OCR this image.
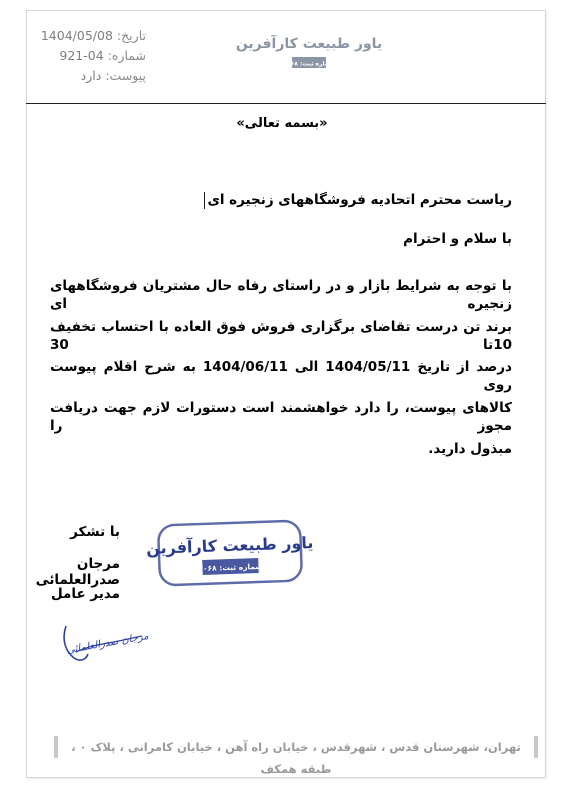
تاریخ:
1404/05/08
شماره:
921-04
پیوست:
دارد
یاور طبیعت کارآفرین
شماره ثبت: ۲۰۶۸
«بسمه تعالی»
ریاست محترم اتحادیه فروشگاههای زنجیره ای
با سلام و احترام
با توجه به شرایط بازار و در راستای رفاه حال مشتریان فروشگاههای زنجیره ای
برند تن درست تقاضای برگزاری فروش فوق العاده با احتساب تخفیف 10تا 30
درصد از تاریخ 1404/05/11 الی 1404/06/11 به شرح اقلام پیوست روی
کالاهای پیوست، را دارد خواهشمند است دستورات لازم جهت دریافت مجوز را
مبذول دارید.
با تشکر
یاور طبیعت کارآفرین
شماره ثبت: ۲۰۶۸
مرجان صدرالعلمائی
مدیر عامل
مرجان صدرالعلمائی
تهران، شهرستان قدس ، شهرقدس ، خیابان راه آهن ، خیابان کامرانی ، پلاک ۰ ، طبقه همکف
